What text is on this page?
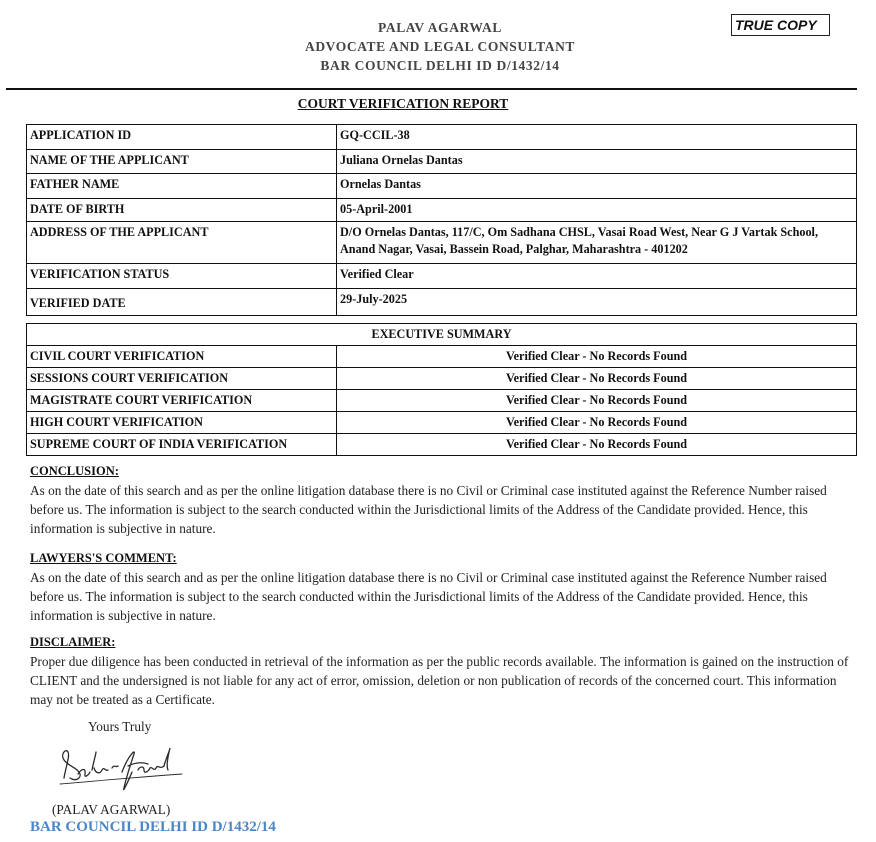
PALAV AGARWAL
ADVOCATE AND LEGAL CONSULTANT
BAR COUNCIL DELHI ID D/1432/14
TRUE COPY
COURT VERIFICATION REPORT
APPLICATION ID	GQ-CCIL-38
NAME OF THE APPLICANT	Juliana Ornelas Dantas
FATHER NAME	Ornelas Dantas
DATE OF BIRTH	05-April-2001
ADDRESS OF THE APPLICANT	D/O Ornelas Dantas, 117/C, Om Sadhana CHSL, Vasai Road West, Near G J Vartak School, Anand Nagar, Vasai, Bassein Road, Palghar, Maharashtra - 401202
VERIFICATION STATUS	Verified Clear
VERIFIED DATE	29-July-2025
EXECUTIVE SUMMARY	
CIVIL COURT VERIFICATION	Verified Clear - No Records Found
SESSIONS COURT VERIFICATION	Verified Clear - No Records Found
MAGISTRATE COURT VERIFICATION	Verified Clear - No Records Found
HIGH COURT VERIFICATION	Verified Clear - No Records Found
SUPREME COURT OF INDIA VERIFICATION	Verified Clear - No Records Found
CONCLUSION:
As on the date of this search and as per the online litigation database there is no Civil or Criminal case instituted against the Reference Number raised before us. The information is subject to the search conducted within the Jurisdictional limits of the Address of the Candidate provided. Hence, this information is subjective in nature.
LAWYERS'S COMMENT:
As on the date of this search and as per the online litigation database there is no Civil or Criminal case instituted against the Reference Number raised before us. The information is subject to the search conducted within the Jurisdictional limits of the Address of the Candidate provided. Hence, this information is subjective in nature.
DISCLAIMER:
Proper due diligence has been conducted in retrieval of the information as per the public records available. The information is gained on the instruction of CLIENT and the undersigned is not liable for any act of error, omission, deletion or non publication of records of the concerned court. This information may not be treated as a Certificate.
Yours Truly
(PALAV AGARWAL)
BAR COUNCIL DELHI ID D/1432/14
